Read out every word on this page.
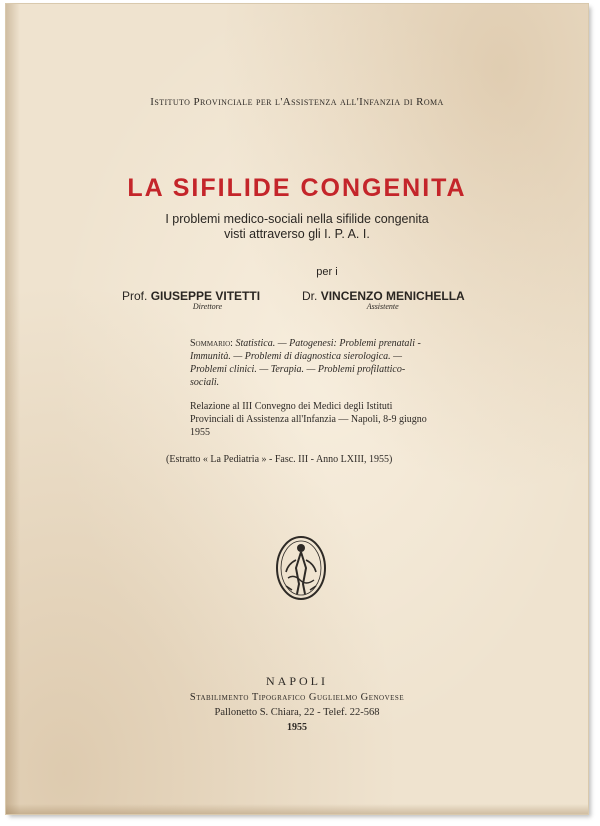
Istituto Provinciale per l'Assistenza all'Infanzia di Roma
LA SIFILIDE CONGENITA
I problemi medico-sociali nella sifilide congenita
visti attraverso gli I. P. A. I.
per i
Prof. GIUSEPPE VITETTI
Direttore
Dr. VINCENZO MENICHELLA
Assistente
Sommario: Statistica. — Patogenesi: Problemi prenatali - Immunità. — Problemi di diagnostica sierologica. — Problemi clinici. — Terapia. — Problemi profilattico-sociali.
Relazione al III Convegno dei Medici degli Istituti Provinciali di Assistenza all'Infanzia — Napoli, 8-9 giugno 1955
(Estratto « La Pediatria » - Fasc. III - Anno LXIII, 1955)
NAPOLI
Stabilimento Tipografico Guglielmo Genovese
Pallonetto S. Chiara, 22 - Telef. 22-568
1955
